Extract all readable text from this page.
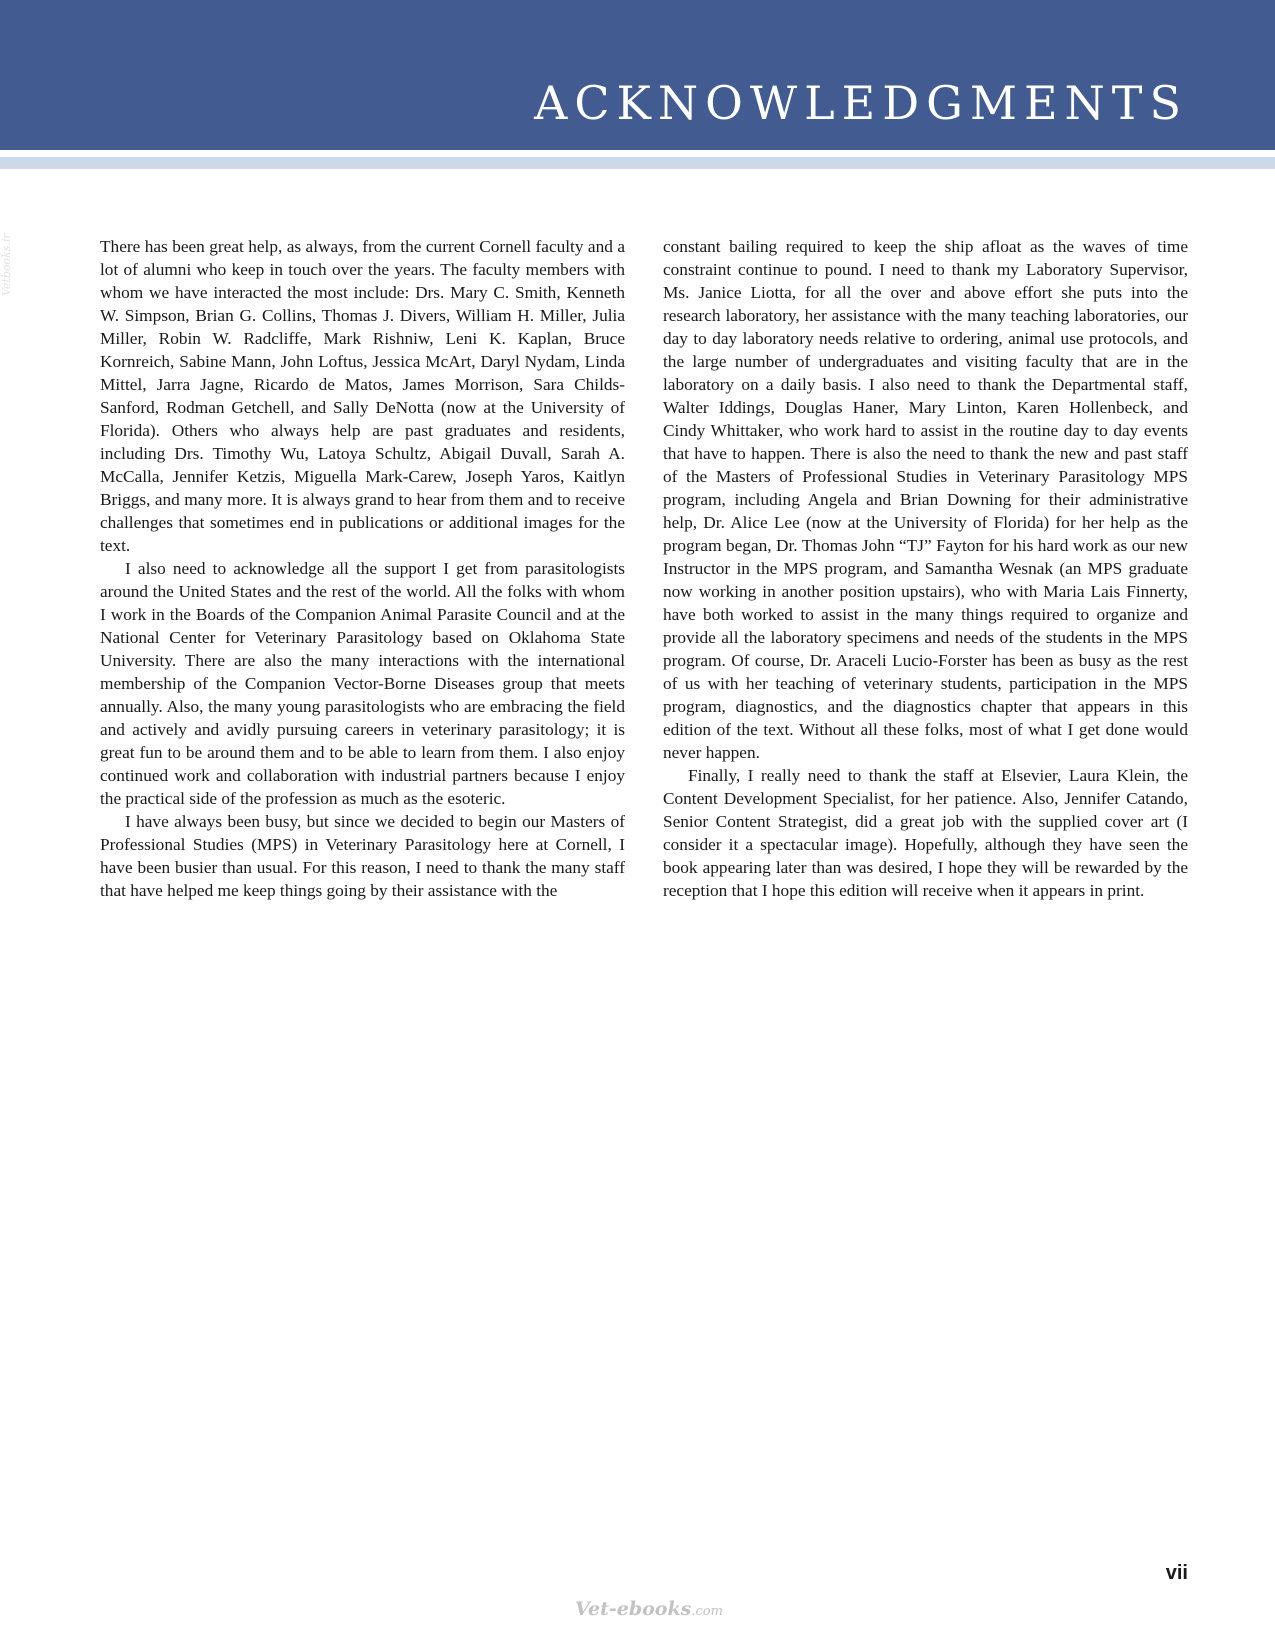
ACKNOWLEDGMENTS
Vetbooks.ir	There has been great help, as always, from the current Cornell faculty and a lot of alumni who keep in touch over the years. The faculty members with whom we have interacted the most include: Drs. Mary C. Smith, Kenneth W. Simpson, Brian G. Collins, Thomas J. Divers, William H. Miller, Julia Miller, Robin W. Radcliffe, Mark Rishniw, Leni K. Kaplan, Bruce Kornreich, Sabine Mann, John Loftus, Jessica McArt, Daryl Nydam, Linda Mittel, Jarra Jagne, Ricardo de Matos, James Morrison, Sara Childs-Sanford, Rodman Getchell, and Sally DeNotta (now at the University of Florida). Others who always help are past graduates and residents, including Drs. Timothy Wu, Latoya Schultz, Abigail Duvall, Sarah A. McCalla, Jennifer Ketzis, Miguella Mark-Carew, Joseph Yaros, Kaitlyn Briggs, and many more. It is always grand to hear from them and to receive challenges that sometimes end in publications or additional images for the text.

I also need to acknowledge all the support I get from parasitologists around the United States and the rest of the world. All the folks with whom I work in the Boards of the Companion Animal Parasite Council and at the National Center for Veterinary Parasitology based on Oklahoma State University. There are also the many interactions with the international membership of the Companion Vector-Borne Diseases group that meets annually. Also, the many young parasitologists who are embracing the field and actively and avidly pursuing careers in veterinary parasitology; it is great fun to be around them and to be able to learn from them. I also enjoy continued work and collaboration with industrial partners because I enjoy the practical side of the profession as much as the esoteric.

I have always been busy, but since we decided to begin our Masters of Professional Studies (MPS) in Veterinary Parasitology here at Cornell, I have been busier than usual. For this reason, I need to thank the many staff that have helped me keep things going by their assistance with the

constant bailing required to keep the ship afloat as the waves of time constraint continue to pound. I need to thank my Laboratory Supervisor, Ms. Janice Liotta, for all the over and above effort she puts into the research laboratory, her assistance with the many teaching laboratories, our day to day laboratory needs relative to ordering, animal use protocols, and the large number of undergraduates and visiting faculty that are in the laboratory on a daily basis. I also need to thank the Departmental staff, Walter Iddings, Douglas Haner, Mary Linton, Karen Hollenbeck, and Cindy Whittaker, who work hard to assist in the routine day to day events that have to happen. There is also the need to thank the new and past staff of the Masters of Professional Studies in Veterinary Parasitology MPS program, including Angela and Brian Downing for their administrative help, Dr. Alice Lee (now at the University of Florida) for her help as the program began, Dr. Thomas John “TJ” Fayton for his hard work as our new Instructor in the MPS program, and Samantha Wesnak (an MPS graduate now working in another position upstairs), who with Maria Lais Finnerty, have both worked to assist in the many things required to organize and provide all the laboratory specimens and needs of the students in the MPS program. Of course, Dr. Araceli Lucio-Forster has been as busy as the rest of us with her teaching of veterinary students, participation in the MPS program, diagnostics, and the diagnostics chapter that appears in this edition of the text. Without all these folks, most of what I get done would never happen.

Finally, I really need to thank the staff at Elsevier, Laura Klein, the Content Development Specialist, for her patience. Also, Jennifer Catando, Senior Content Strategist, did a great job with the supplied cover art (I consider it a spectacular image). Hopefully, although they have seen the book appearing later than was desired, I hope they will be rewarded by the reception that I hope this edition will receive when it appears in print.

vii
Vet-ebooks.com
